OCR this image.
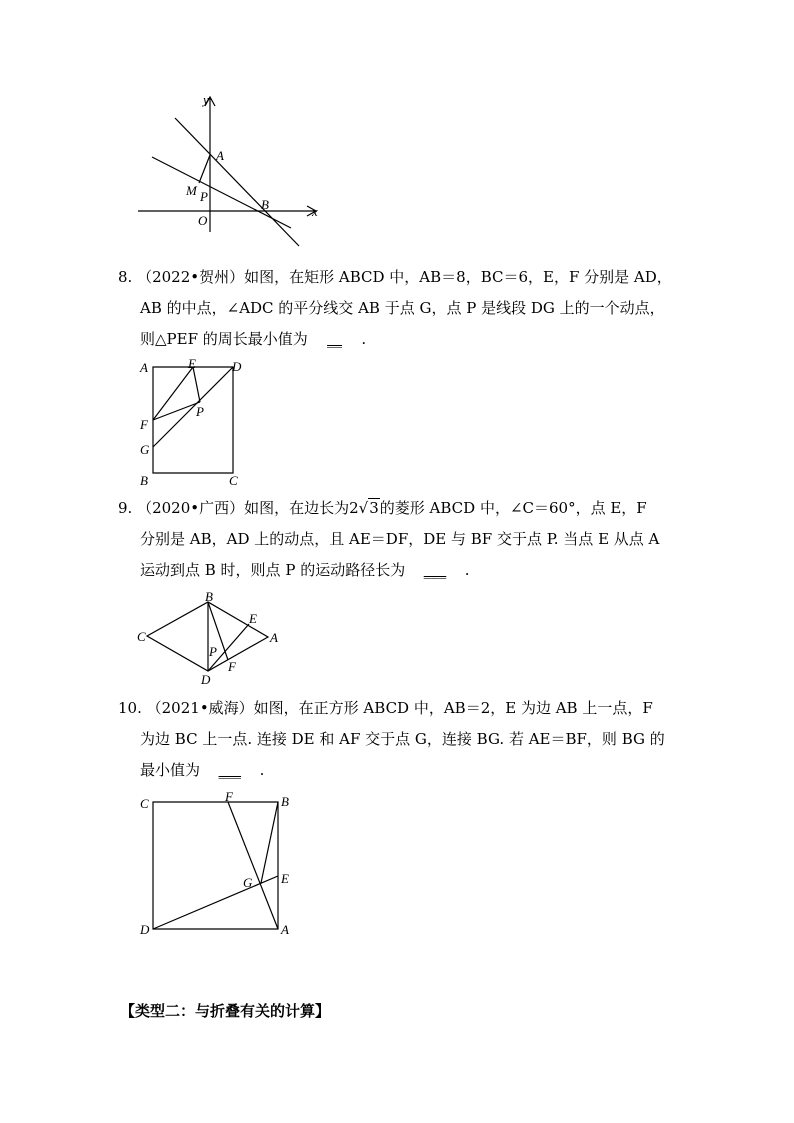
y
x
A
M P
O
B
8. （2022•贺州）如图，在矩形 ABCD 中，AB＝8，BC＝6，E，F 分别是 AD，
AB 的中点，∠ADC 的平分线交 AB 于点 G，点 P 是线段 DG 上的一个动点，
则△PEF 的周长最小值为 __ .
A	E	D
F
P
G
B	C
9. （2020•广西）如图，在边长为2√3的菱形 ABCD 中，∠C＝60°，点 E，F
分别是 AB，AD 上的动点，且 AE＝DF，DE 与 BF 交于点 P. 当点 E 从点 A
运动到点 B 时，则点 P 的运动路径长为 ___ .
B
E
C	A
P
F
D
10. （2021•威海）如图，在正方形 ABCD 中，AB＝2，E 为边 AB 上一点，F
为边 BC 上一点. 连接 DE 和 AF 交于点 G，连接 BG. 若 AE＝BF，则 BG 的
最小值为 ___ .
C	F	B
G E
D	A
【类型二：与折叠有关的计算】
